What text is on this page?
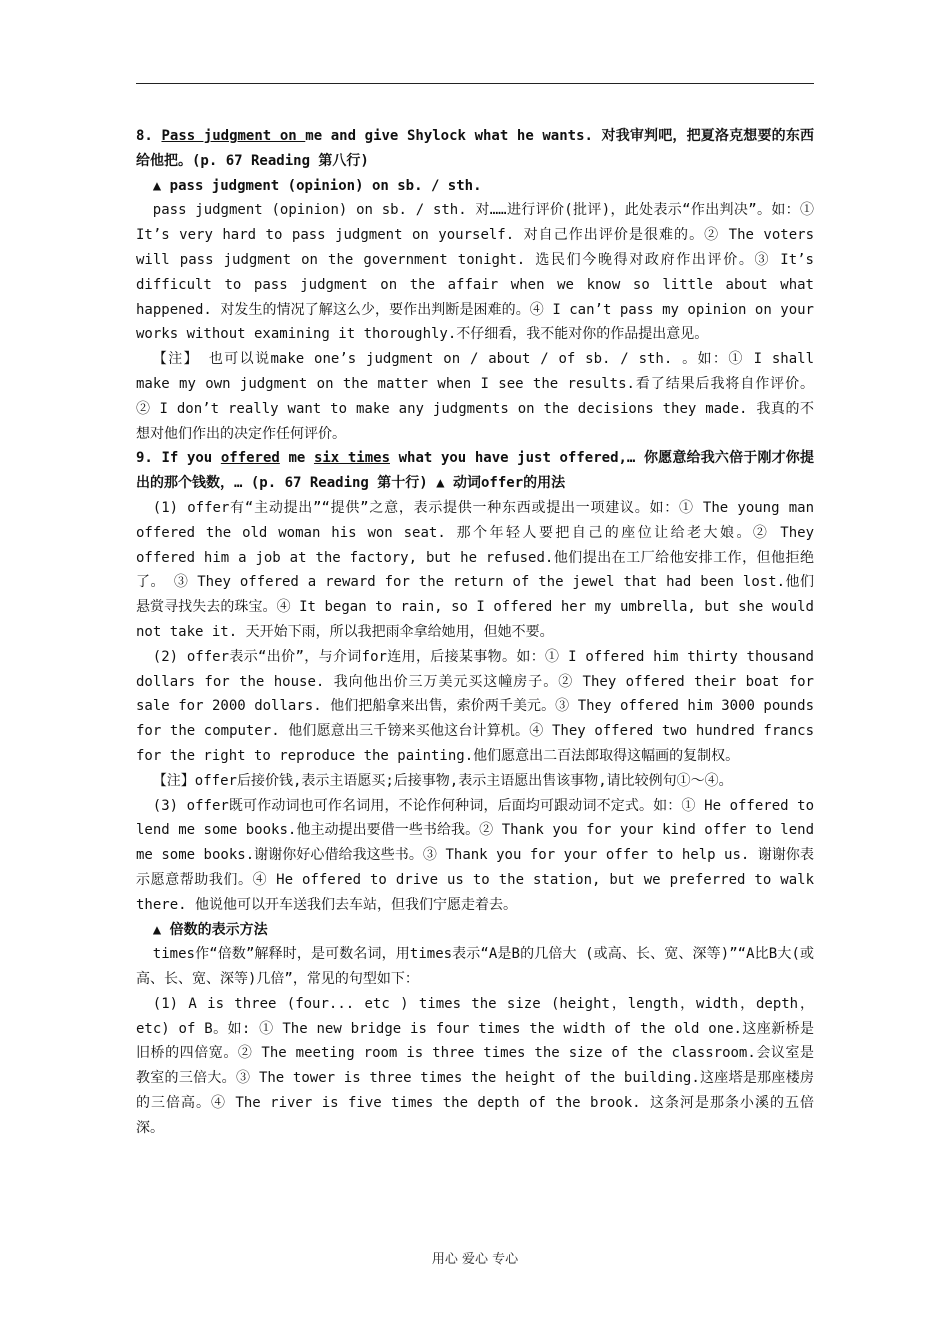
8. Pass judgment on me and give Shylock what he wants. 对我审判吧，把夏洛克想要的东西给他把。(p. 67 Reading 第八行)

▲ pass judgment (opinion) on sb. / sth.

pass judgment (opinion) on sb. / sth. 对……进行评价(批评)，此处表示“作出判决”。如：① It’s very hard to pass judgment on yourself. 对自己作出评价是很难的。② The voters will pass judgment on the government tonight. 选民们今晚得对政府作出评价。③ It’s difficult to pass judgment on the affair when we know so little about what happened. 对发生的情况了解这么少，要作出判断是困难的。④ I can’t pass my opinion on your works without examining it thoroughly.不仔细看，我不能对你的作品提出意见。

【注】 也可以说make one’s judgment on / about / of sb. / sth. 。如：① I shall make my own judgment on the matter when I see the results.看了结果后我将自作评价。 ② I don’t really want to make any judgments on the decisions they made. 我真的不想对他们作出的决定作任何评价。

9. If you offered me six times what you have just offered,… 你愿意给我六倍于刚才你提出的那个钱数，… (p. 67 Reading 第十行) ▲ 动词offer的用法

(1) offer有“主动提出”“提供”之意，表示提供一种东西或提出一项建议。如：① The young man offered the old woman his won seat. 那个年轻人要把自己的座位让给老大娘。② They offered him a job at the factory, but he refused.他们提出在工厂给他安排工作，但他拒绝了。 ③ They offered a reward for the return of the jewel that had been lost.他们悬赏寻找失去的珠宝。④ It began to rain, so I offered her my umbrella, but she would not take it. 天开始下雨，所以我把雨伞拿给她用，但她不要。

(2) offer表示“出价”，与介词for连用，后接某事物。如：① I offered him thirty thousand dollars for the house. 我向他出价三万美元买这幢房子。② They offered their boat for sale for 2000 dollars. 他们把船拿来出售，索价两千美元。③ They offered him 3000 pounds for the computer. 他们愿意出三千镑来买他这台计算机。④ They offered two hundred francs for the right to reproduce the painting.他们愿意出二百法郎取得这幅画的复制权。

【注】offer后接价钱,表示主语愿买;后接事物,表示主语愿出售该事物,请比较例句①～④。

(3) offer既可作动词也可作名词用，不论作何种词，后面均可跟动词不定式。如：① He offered to lend me some books.他主动提出要借一些书给我。② Thank you for your kind offer to lend me some books.谢谢你好心借给我这些书。③ Thank you for your offer to help us. 谢谢你表示愿意帮助我们。④ He offered to drive us to the station, but we preferred to walk there. 他说他可以开车送我们去车站，但我们宁愿走着去。

▲ 倍数的表示方法

times作“倍数”解释时，是可数名词，用times表示“A是B的几倍大 (或高、长、宽、深等)”“A比B大(或高、长、宽、深等)几倍”，常见的句型如下：

(1) A is three (four... etc ) times the size (height，length，width，depth，etc) of B。如: ① The new bridge is four times the width of the old one.这座新桥是旧桥的四倍宽。② The meeting room is three times the size of the classroom.会议室是教室的三倍大。③ The tower is three times the height of the building.这座塔是那座楼房的三倍高。④ The river is five times the depth of the brook. 这条河是那条小溪的五倍深。

用心 爱心 专心
